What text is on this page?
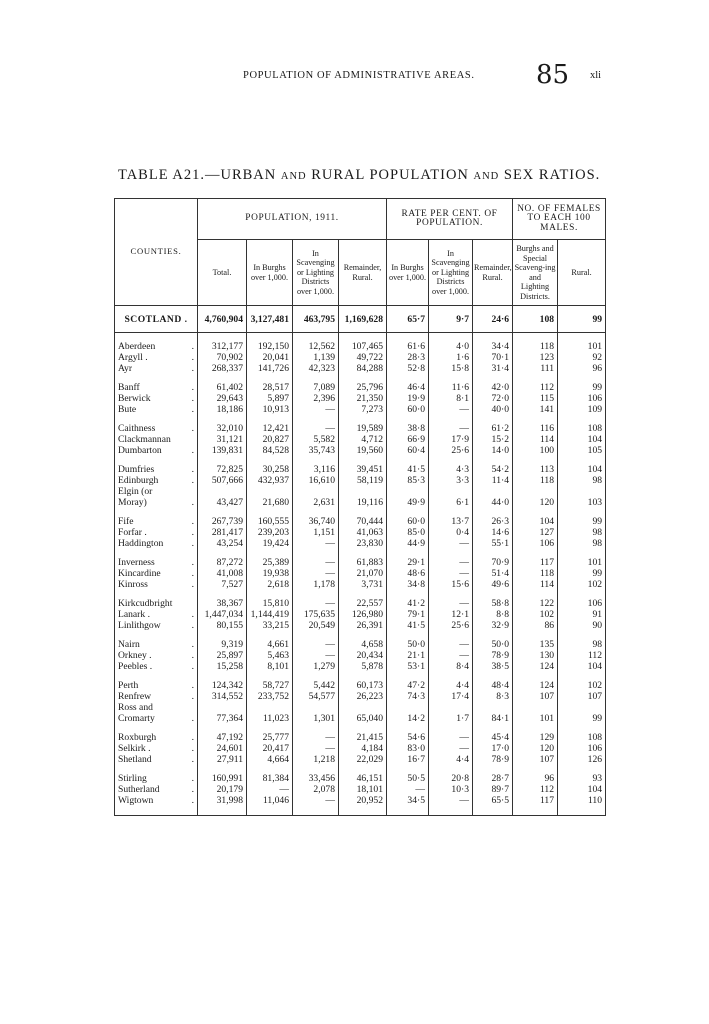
POPULATION OF ADMINISTRATIVE AREAS. 85 xli
TABLE A21.—URBAN AND RURAL POPULATION AND SEX RATIOS.
COUNTIES.	POPULATION, 1911.				RATE PER CENT. OF POPULATION.			NO. OF FEMALES TO EACH 100 MALES.	
	Total.	In Burghs over 1,000.	In Scavenging or Lighting Districts over 1,000.	Remainder, Rural.	In Burghs over 1,000.	In Scavenging or Lighting Districts over 1,000.	Remainder, Rural.	Burghs and Special Scaveng-ing and Lighting Districts.	Rural.
SCOTLAND .	4,760,904	3,127,481	463,795	1,169,628	65·7	9·7	24·6	108	99

Aberdeen .	312,177	192,150	12,562	107,465	61·6	4·0	34·4	118	101
Argyll . .	70,902	20,041	1,139	49,722	28·3	1·6	70·1	123	92
Ayr .	268,337	141,726	42,323	84,288	52·8	15·8	31·4	111	96

Banff .	61,402	28,517	7,089	25,796	46·4	11·6	42·0	112	99
Berwick .	29,643	5,897	2,396	21,350	19·9	8·1	72·0	115	106
Bute .	18,186	10,913	—	7,273	60·0	—	40·0	141	109

Caithness .	32,010	12,421	—	19,589	38·8	—	61·2	116	108
Clackmannan	31,121	20,827	5,582	4,712	66·9	17·9	15·2	114	104
Dumbarton .	139,831	84,528	35,743	19,560	60·4	25·6	14·0	100	105

Dumfries .	72,825	30,258	3,116	39,451	41·5	4·3	54·2	113	104
Edinburgh .	507,666	432,937	16,610	58,119	85·3	3·3	11·4	118	98
Elgin (or

Moray) .	43,427	21,680	2,631	19,116	49·9	6·1	44·0	120	103

Fife .	267,739	160,555	36,740	70,444	60·0	13·7	26·3	104	99
Forfar . .	281,417	239,203	1,151	41,063	85·0	0·4	14·6	127	98
Haddington .	43,254	19,424	—	23,830	44·9	—	55·1	106	98

Inverness .	87,272	25,389	—	61,883	29·1	—	70·9	117	101
Kincardine .	41,008	19,938	—	21,070	48·6	—	51·4	118	99
Kinross .	7,527	2,618	1,178	3,731	34·8	15·6	49·6	114	102

Kirkcudbright	38,367	15,810	—	22,557	41·2	—	58·8	122	106
Lanark . .	1,447,034	1,144,419	175,635	126,980	79·1	12·1	8·8	102	91
Linlithgow .	80,155	33,215	20,549	26,391	41·5	25·6	32·9	86	90

Nairn .	9,319	4,661	—	4,658	50·0	—	50·0	135	98
Orkney . .	25,897	5,463	—	20,434	21·1	—	78·9	130	112
Peebles . .	15,258	8,101	1,279	5,878	53·1	8·4	38·5	124	104

Perth .	124,342	58,727	5,442	60,173	47·2	4·4	48·4	124	102
Renfrew .	314,552	233,752	54,577	26,223	74·3	17·4	8·3	107	107
Ross and

Cromarty .	77,364	11,023	1,301	65,040	14·2	1·7	84·1	101	99

Roxburgh .	47,192	25,777	—	21,415	54·6	—	45·4	129	108
Selkirk . .	24,601	20,417	—	4,184	83·0	—	17·0	120	106
Shetland .	27,911	4,664	1,218	22,029	16·7	4·4	78·9	107	126

Stirling .	160,991	81,384	33,456	46,151	50·5	20·8	28·7	96	93
Sutherland .	20,179	—	2,078	18,101	—	10·3	89·7	112	104
Wigtown .	31,998	11,046	—	20,952	34·5	—	65·5	117	110
